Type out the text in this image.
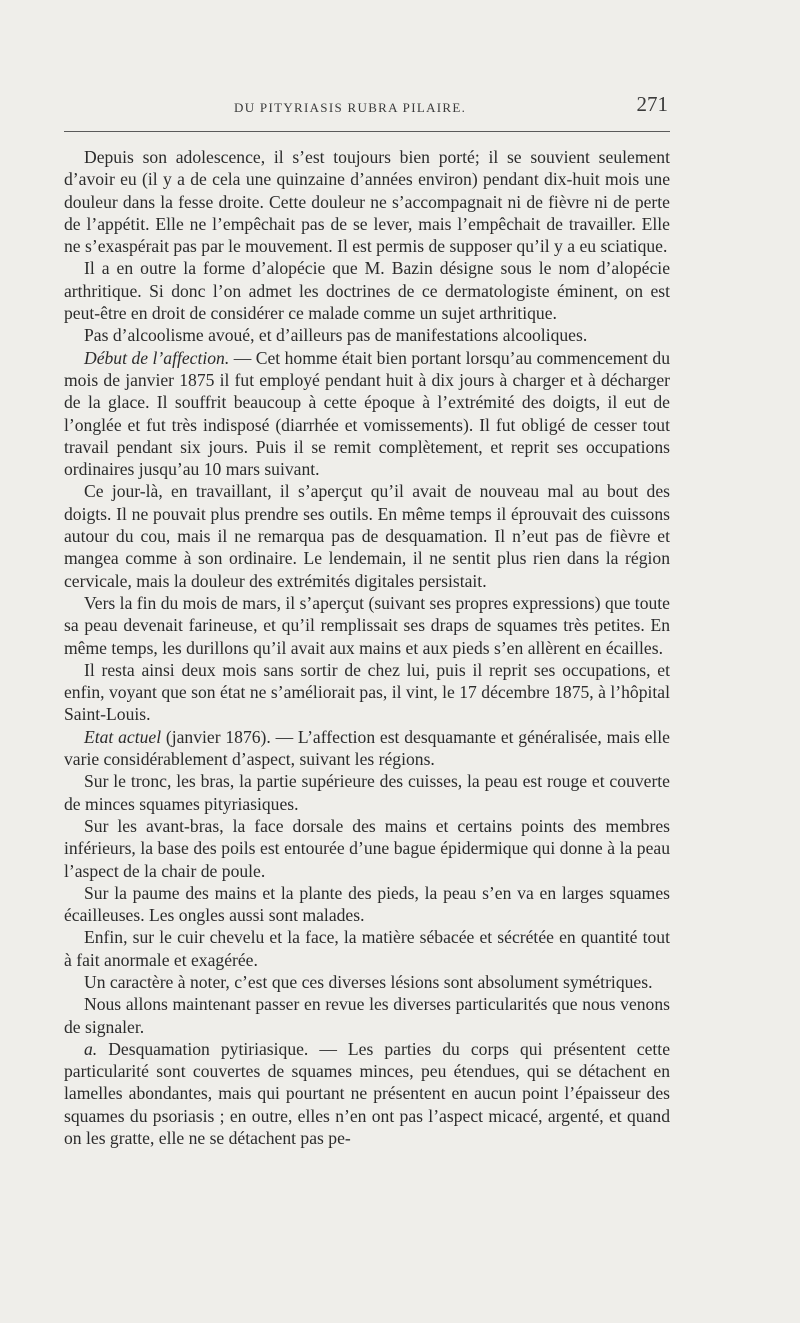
DU PITYRIASIS RUBRA PILAIRE.	271

Depuis son adolescence, il s’est toujours bien porté; il se souvient seulement d’avoir eu (il y a de cela une quinzaine d’années environ) pendant dix-huit mois une douleur dans la fesse droite. Cette douleur ne s’accompagnait ni de fièvre ni de perte de l’appétit. Elle ne l’empêchait pas de se lever, mais l’empêchait de travailler. Elle ne s’exaspérait pas par le mouvement. Il est permis de supposer qu’il y a eu sciatique.

Il a en outre la forme d’alopécie que M. Bazin désigne sous le nom d’alopécie arthritique. Si donc l’on admet les doctrines de ce dermatologiste éminent, on est peut-être en droit de considérer ce malade comme un sujet arthritique.

Pas d’alcoolisme avoué, et d’ailleurs pas de manifestations alcooliques.

Début de l’affection. — Cet homme était bien portant lorsqu’au commencement du mois de janvier 1875 il fut employé pendant huit à dix jours à charger et à décharger de la glace. Il souffrit beaucoup à cette époque à l’extrémité des doigts, il eut de l’onglée et fut très indisposé (diarrhée et vomissements). Il fut obligé de cesser tout travail pendant six jours. Puis il se remit complètement, et reprit ses occupations ordinaires jusqu’au 10 mars suivant.

Ce jour-là, en travaillant, il s’aperçut qu’il avait de nouveau mal au bout des doigts. Il ne pouvait plus prendre ses outils. En même temps il éprouvait des cuissons autour du cou, mais il ne remarqua pas de desquamation. Il n’eut pas de fièvre et mangea comme à son ordinaire. Le lendemain, il ne sentit plus rien dans la région cervicale, mais la douleur des extrémités digitales persistait.

Vers la fin du mois de mars, il s’aperçut (suivant ses propres expressions) que toute sa peau devenait farineuse, et qu’il remplissait ses draps de squames très petites. En même temps, les durillons qu’il avait aux mains et aux pieds s’en allèrent en écailles.

Il resta ainsi deux mois sans sortir de chez lui, puis il reprit ses occupations, et enfin, voyant que son état ne s’améliorait pas, il vint, le 17 décembre 1875, à l’hôpital Saint-Louis.

Etat actuel (janvier 1876). — L’affection est desquamante et généralisée, mais elle varie considérablement d’aspect, suivant les régions.

Sur le tronc, les bras, la partie supérieure des cuisses, la peau est rouge et couverte de minces squames pityriasiques.

Sur les avant-bras, la face dorsale des mains et certains points des membres inférieurs, la base des poils est entourée d’une bague épidermique qui donne à la peau l’aspect de la chair de poule.

Sur la paume des mains et la plante des pieds, la peau s’en va en larges squames écailleuses. Les ongles aussi sont malades.

Enfin, sur le cuir chevelu et la face, la matière sébacée et sécrétée en quantité tout à fait anormale et exagérée.

Un caractère à noter, c’est que ces diverses lésions sont absolument symétriques.

Nous allons maintenant passer en revue les diverses particularités que nous venons de signaler.

a. Desquamation pytiriasique. — Les parties du corps qui présentent cette particularité sont couvertes de squames minces, peu étendues, qui se détachent en lamelles abondantes, mais qui pourtant ne présentent en aucun point l’épaisseur des squames du psoriasis ; en outre, elles n’en ont pas l’aspect micacé, argenté, et quand on les gratte, elle ne se détachent pas pe-
